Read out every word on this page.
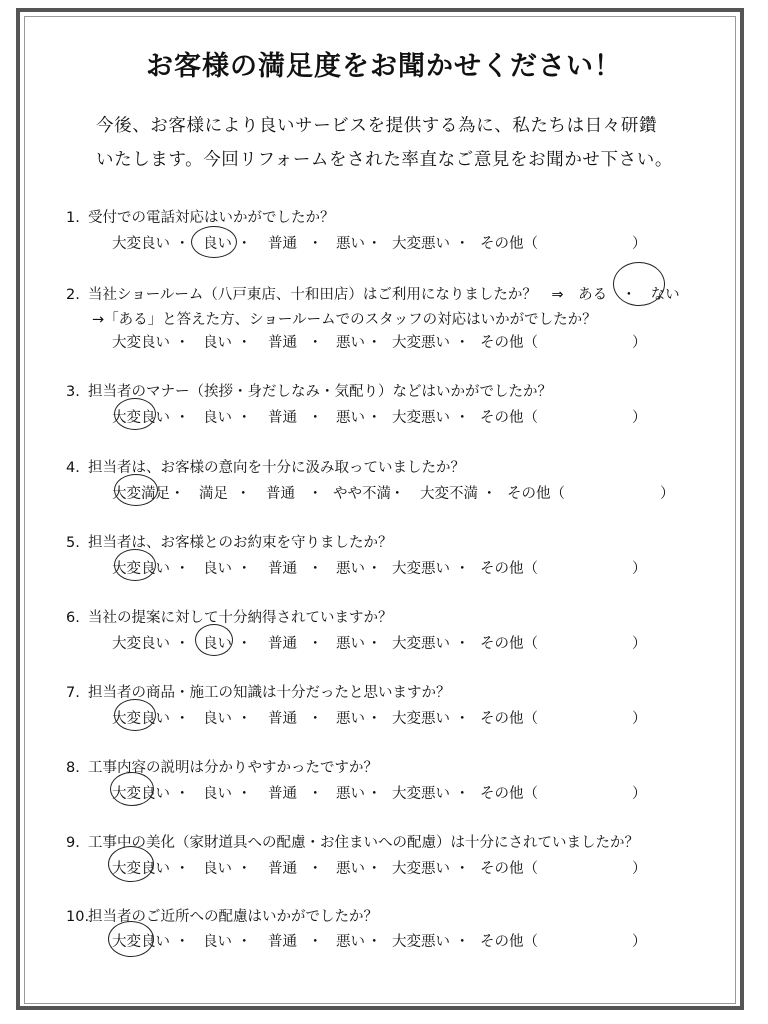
お客様の満足度をお聞かせください！
今後、お客様により良いサービスを提供する為に、私たちは日々研鑽
いたします。今回リフォームをされた率直なご意見をお聞かせ下さい。
1. 受付での電話対応はいかがでしたか？
大変良い ・ 良い ・ 普通 ・ 悪い ・ 大変悪い ・ その他（	）
2. 当社ショールーム（八戸東店、十和田店）はご利用になりましたか？　⇒　ある　・　ない
→「ある」と答えた方、ショールームでのスタッフの対応はいかがでしたか？
大変良い ・ 良い ・ 普通 ・ 悪い ・ 大変悪い ・ その他（	）
3. 担当者のマナー（挨拶・身だしなみ・気配り）などはいかがでしたか？
大変良い ・ 良い ・ 普通 ・ 悪い ・ 大変悪い ・ その他（	）
4. 担当者は、お客様の意向を十分に汲み取っていましたか？
大変満足 ・ 満足 ・ 普通 ・ やや不満 ・ 大変不満 ・ その他（	）
5. 担当者は、お客様とのお約束を守りましたか？
大変良い ・ 良い ・ 普通 ・ 悪い ・ 大変悪い ・ その他（	）
6. 当社の提案に対して十分納得されていますか？
大変良い ・ 良い ・ 普通 ・ 悪い ・ 大変悪い ・ その他（	）
7. 担当者の商品・施工の知識は十分だったと思いますか？
大変良い ・ 良い ・ 普通 ・ 悪い ・ 大変悪い ・ その他（	）
8. 工事内容の説明は分かりやすかったですか？
大変良い ・ 良い ・ 普通 ・ 悪い ・ 大変悪い ・ その他（	）
9. 工事中の美化（家財道具への配慮・お住まいへの配慮）は十分にされていましたか？
大変良い ・ 良い ・ 普通 ・ 悪い ・ 大変悪い ・ その他（	）
10.担当者のご近所への配慮はいかがでしたか？
大変良い ・ 良い ・ 普通 ・ 悪い ・ 大変悪い ・ その他（	）
